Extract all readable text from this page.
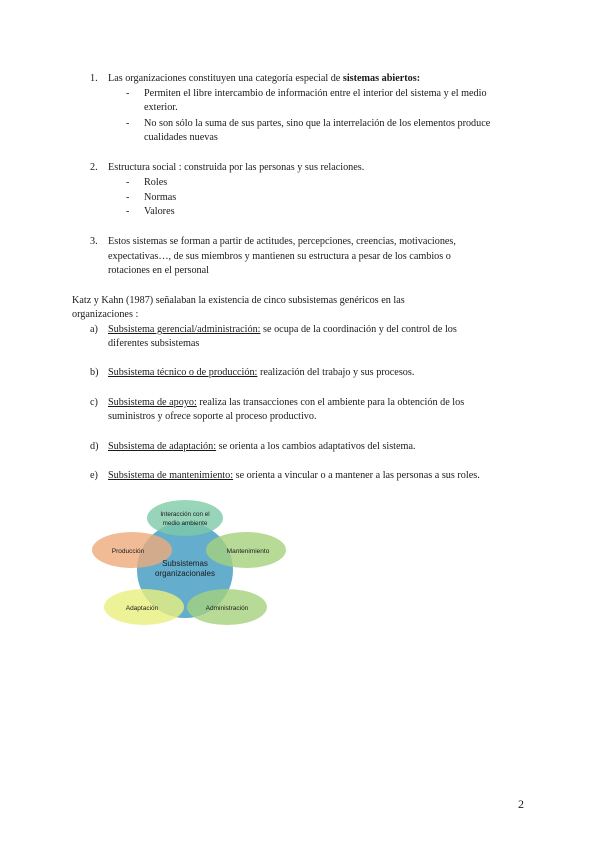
1.	Las organizaciones constituyen una categoría especial de sistemas abiertos:
-	Permiten el libre intercambio de información entre el interior del sistema y el medio
exterior.
-	No son sólo la suma de sus partes, sino que la interrelación de los elementos produce
cualidades nuevas
2.	Estructura social : construida por las personas y sus relaciones.
-	Roles
-	Normas
-	Valores
3.	Estos sistemas se forman a partir de actitudes, percepciones, creencias, motivaciones,
expectativas…, de sus miembros y mantienen su estructura a pesar de los cambios o
rotaciones en el personal
Katz y Kahn (1987) señalaban la existencia de cinco subsistemas genéricos en las
organizaciones :
a) Subsistema gerencial/administración: se ocupa de la coordinación y del control de los
diferentes subsistemas
b) Subsistema técnico o de producción: realización del trabajo y sus procesos.
c) Subsistema de apoyo: realiza las transacciones con el ambiente para la obtención de los
suministros y ofrece soporte al proceso productivo.
d) Subsistema de adaptación: se orienta a los cambios adaptativos del sistema.
e) Subsistema de mantenimiento: se orienta a vincular o a mantener a las personas a sus roles.
Subsistemas
organizacionales
Interacción con el
medio ambiente
Producción	Mantenimiento
Adaptación	Administración
2
